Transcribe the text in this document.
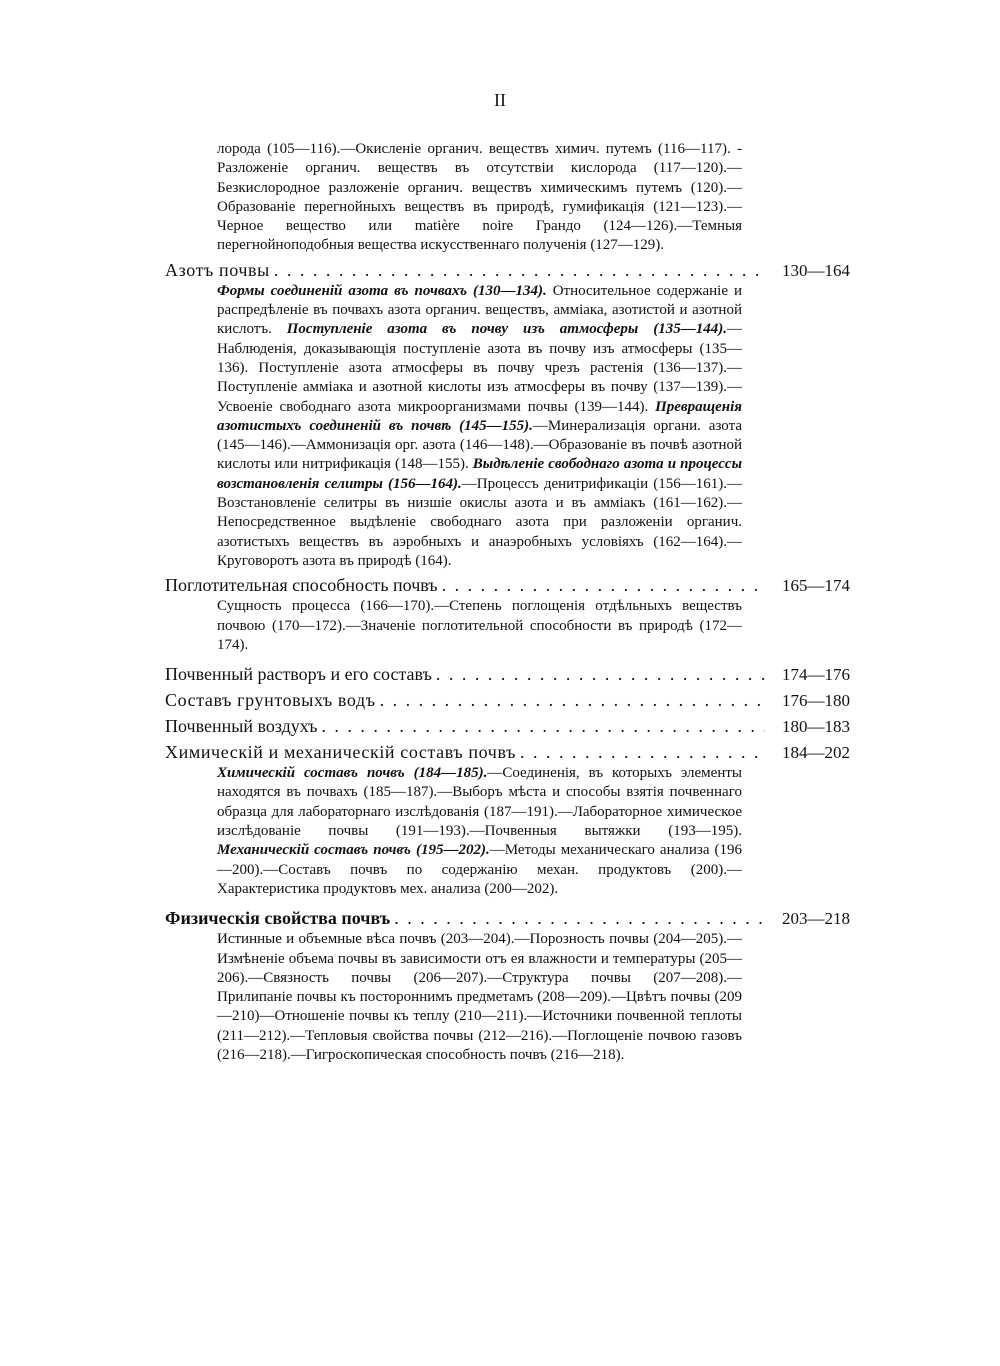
II
лорода (105—116).—Окисленіе органич. веществъ химич. путемъ (116—117). - Разложеніе органич. веществъ въ отсутствіи кислорода (117—120).—Безкислородное разложеніе органич. веществъ химическимъ путемъ (120).—Образованіе перегнойныхъ веществъ въ природѣ, гумификація (121—123).—Черное вещество или matière noire Грандо (124—126).—Темныя перегнойноподобныя вещества искусственнаго полученія (127—129).
Азотъ почвы . . .	130—164
Формы соединеній азота въ почвахъ (130—134). Относительное содержаніе и распредѣленіе въ почвахъ азота органич. веществъ, амміака, азотистой и азотной кислотъ. Поступленіе азота въ почву изъ атмосферы (135—144).—Наблюденія, доказывающія поступленіе азота въ почву изъ атмосферы (135—136). Поступленіе азота атмосферы въ почву чрезъ растенія (136—137).—Поступленіе амміака и азотной кислоты изъ атмосферы въ почву (137—139).—Усвоеніе свободнаго азота микроорганизмами почвы (139—144). Превращенія азотистыхъ соединеній въ почвѣ (145—155).—Минерализація органи. азота (145—146).—Аммонизація орг. азота (146—148).—Образованіе въ почвѣ азотной кислоты или нитрификація (148—155). Выдѣленіе свободнаго азота и процессы возстановленія селитры (156—164).—Процессъ денитрификаціи (156—161).—Возстановленіе селитры въ низшіе окислы азота и въ амміакъ (161—162).—Непосредственное выдѣленіе свободнаго азота при разложеніи органич. азотистыхъ веществъ въ аэробныхъ и анаэробныхъ условіяхъ (162—164).—Круговоротъ азота въ природѣ (164).
Поглотительная способность почвъ . . .	165—174
Сущность процесса (166—170).—Степень поглощенія отдѣльныхъ веществъ почвою (170—172).—Значеніе поглотительной способности въ природѣ (172—174).
Почвенный растворъ и его составъ . . .	174—176
Составъ грунтовыхъ водъ . . .	176—180
Почвенный воздухъ . . .	180—183
Химическій и механическій составъ почвъ . . .	184—202
Химическій составъ почвъ (184—185).—Соединенія, въ которыхъ элементы находятся въ почвахъ (185—187).—Выборъ мѣста и способы взятія почвеннаго образца для лабораторнаго изслѣдованія (187—191).—Лабораторное химическое изслѣдованіе почвы (191—193).—Почвенныя вытяжки (193—195). Механическій составъ почвъ (195—202).—Методы механическаго анализа (196—200).—Составъ почвъ по содержанію механ. продуктовъ (200).—Характеристика продуктовъ мех. анализа (200—202).
Физическія свойства почвъ . . .	203—218
Истинные и объемные вѣса почвъ (203—204).—Порозность почвы (204—205).—Измѣненіе объема почвы въ зависимости отъ ея влажности и температуры (205—206).—Связность почвы (206—207).—Структура почвы (207—208).—Прилипаніе почвы къ постороннимъ предметамъ (208—209).—Цвѣтъ почвы (209—210)—Отношеніе почвы къ теплу (210—211).—Источники почвенной теплоты (211—212).—Тепловыя свойства почвы (212—216).—Поглощеніе почвою газовъ (216—218).—Гигроскопическая способность почвъ (216—218).
